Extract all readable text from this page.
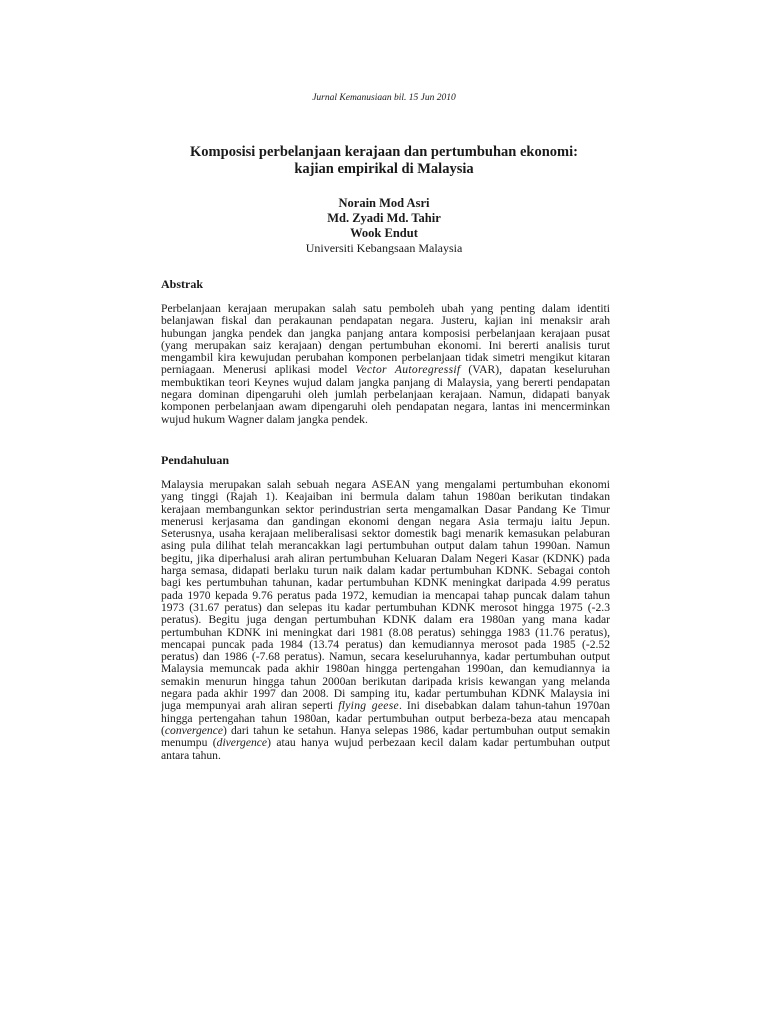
Jurnal Kemanusiaan bil. 15 Jun 2010
Komposisi perbelanjaan kerajaan dan pertumbuhan ekonomi:
kajian empirikal di Malaysia
Norain Mod Asri
Md. Zyadi Md. Tahir
Wook Endut
Universiti Kebangsaan Malaysia
Abstrak
Perbelanjaan kerajaan merupakan salah satu pemboleh ubah yang penting dalam identiti
belanjawan fiskal dan perakaunan pendapatan negara. Justeru, kajian ini menaksir arah
hubungan jangka pendek dan jangka panjang antara komposisi perbelanjaan kerajaan pusat
(yang merupakan saiz kerajaan) dengan pertumbuhan ekonomi. Ini bererti analisis turut
mengambil kira kewujudan perubahan komponen perbelanjaan tidak simetri mengikut kitaran
perniagaan. Menerusi aplikasi model Vector Autoregressif (VAR), dapatan keseluruhan
membuktikan teori Keynes wujud dalam jangka panjang di Malaysia, yang bererti pendapatan
negara dominan dipengaruhi oleh jumlah perbelanjaan kerajaan. Namun, didapati banyak
komponen perbelanjaan awam dipengaruhi oleh pendapatan negara, lantas ini mencerminkan
wujud hukum Wagner dalam jangka pendek.
Pendahuluan
Malaysia merupakan salah sebuah negara ASEAN yang mengalami pertumbuhan ekonomi
yang tinggi (Rajah 1). Keajaiban ini bermula dalam tahun 1980an berikutan tindakan
kerajaan membangunkan sektor perindustrian serta mengamalkan Dasar Pandang Ke Timur
menerusi kerjasama dan gandingan ekonomi dengan negara Asia termaju iaitu Jepun.
Seterusnya, usaha kerajaan meliberalisasi sektor domestik bagi menarik kemasukan pelaburan
asing pula dilihat telah merancakkan lagi pertumbuhan output dalam tahun 1990an. Namun
begitu, jika diperhalusi arah aliran pertumbuhan Keluaran Dalam Negeri Kasar (KDNK) pada
harga semasa, didapati berlaku turun naik dalam kadar pertumbuhan KDNK. Sebagai contoh
bagi kes pertumbuhan tahunan, kadar pertumbuhan KDNK meningkat daripada 4.99 peratus
pada 1970 kepada 9.76 peratus pada 1972, kemudian ia mencapai tahap puncak dalam tahun
1973 (31.67 peratus) dan selepas itu kadar pertumbuhan KDNK merosot hingga 1975 (-2.3
peratus). Begitu juga dengan pertumbuhan KDNK dalam era 1980an yang mana kadar
pertumbuhan KDNK ini meningkat dari 1981 (8.08 peratus) sehingga 1983 (11.76 peratus),
mencapai puncak pada 1984 (13.74 peratus) dan kemudiannya merosot pada 1985 (-2.52
peratus) dan 1986 (-7.68 peratus). Namun, secara keseluruhannya, kadar pertumbuhan output
Malaysia memuncak pada akhir 1980an hingga pertengahan 1990an, dan kemudiannya ia
semakin menurun hingga tahun 2000an berikutan daripada krisis kewangan yang melanda
negara pada akhir 1997 dan 2008. Di samping itu, kadar pertumbuhan KDNK Malaysia ini
juga mempunyai arah aliran seperti flying geese. Ini disebabkan dalam tahun-tahun 1970an
hingga pertengahan tahun 1980an, kadar pertumbuhan output berbeza-beza atau mencapah
(convergence) dari tahun ke setahun. Hanya selepas 1986, kadar pertumbuhan output semakin
menumpu (divergence) atau hanya wujud perbezaan kecil dalam kadar pertumbuhan output
antara tahun.
